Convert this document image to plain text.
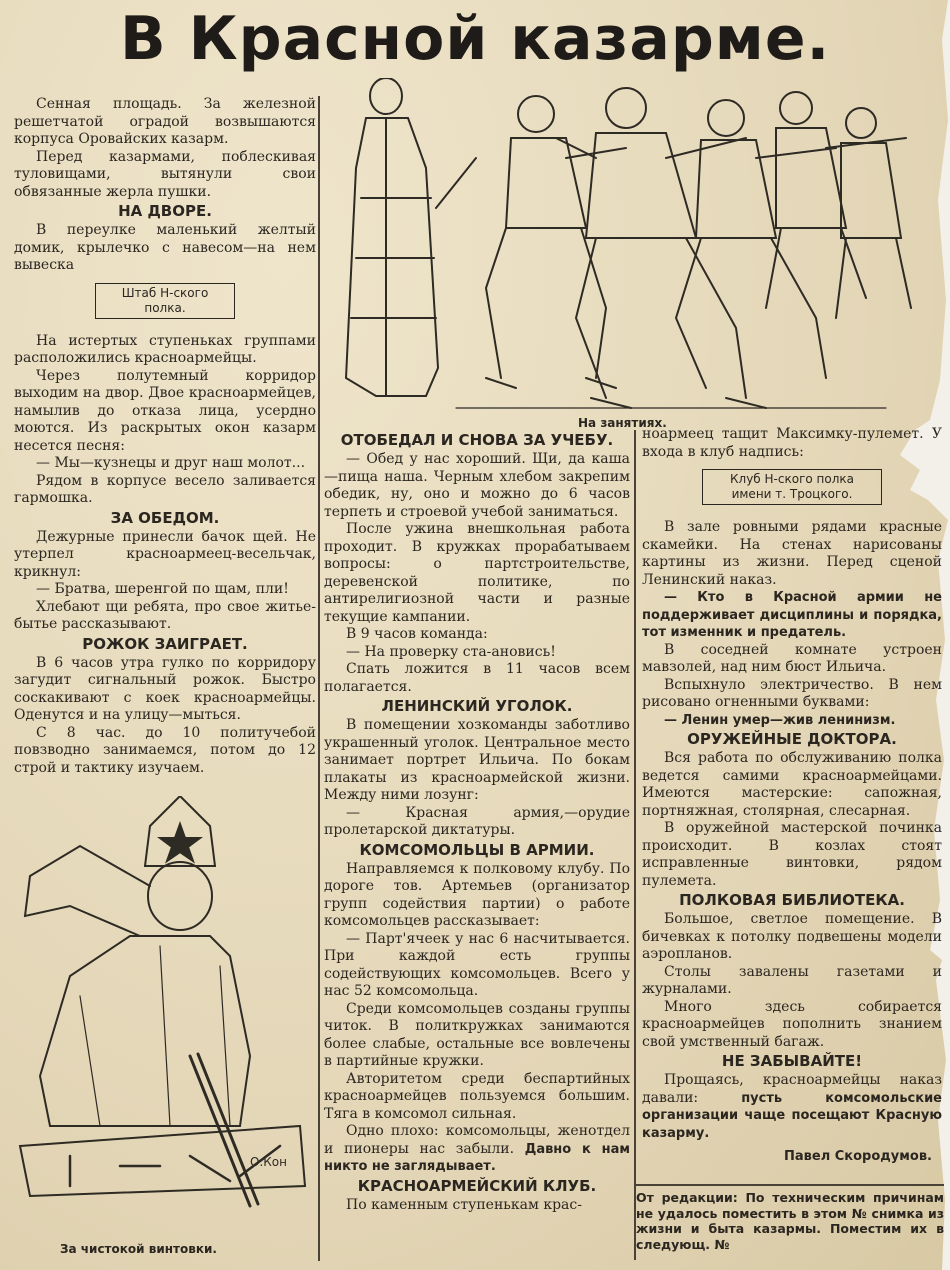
В Красной казарме.
На занятиях.
О.Кон
За чистокой винтовки.

Сенная площадь. За железной решетчатой оградой возвышаются корпуса Оровайских казарм.

Перед казармами, поблескивая туловищами, вытянули свои обвязанные жерла пушки.

НА ДВОРЕ.

В переулке маленький желтый домик, крылечко с навесом—на нем вывеска

Штаб Н-ского
полка.

На истертых ступеньках группами расположились красноармейцы.

Через полутемный корридор выходим на двор. Двое красноармейцев, намылив до отказа лица, усердно моются. Из раскрытых окон казарм несется песня:

— Мы—кузнецы и друг наш молот...

Рядом в корпусе весело заливается гармошка.

ЗА ОБЕДОМ.

Дежурные принесли бачок щей. Не утерпел красноармеец-весельчак, крикнул:

— Братва, шеренгой по щам, пли!

Хлебают щи ребята, про свое житье-бытье рассказывают.

РОЖОК ЗАИГРАЕТ.

В 6 часов утра гулко по корридору загудит сигнальный рожок. Быстро соскакивают с коек красноармейцы. Оденутся и на улицу—мыться.

С 8 час. до 10 политучебой повзводно занимаемся, потом до 12 строй и тактику изучаем.

ОТОБЕДАЛ И СНОВА ЗА УЧЕБУ.

— Обед у нас хороший. Щи, да каша—пища наша. Черным хлебом закрепим обедик, ну, оно и можно до 6 часов терпеть и строевой учебой заниматься.

После ужина внешкольная работа проходит. В кружках прорабатываем вопросы: о партстроительстве, деревенской политике, по антирелигиозной части и разные текущие кампании.

В 9 часов команда:

— На проверку ста-ановись!

Спать ложится в 11 часов всем полагается.

ЛЕНИНСКИЙ УГОЛОК.

В помещении хозкоманды заботливо украшенный уголок. Центральное место занимает портрет Ильича. По бокам плакаты из красноармейской жизни. Между ними лозунг:

— Красная армия,—орудие пролетарской диктатуры.

КОМСОМОЛЬЦЫ В АРМИИ.

Направляемся к полковому клубу. По дороге тов. Артемьев (организатор групп содействия партии) о работе комсомольцев рассказывает:

— Парт'ячеек у нас 6 насчитывается. При каждой есть группы содействующих комсомольцев. Всего у нас 52 комсомольца.

Среди комсомольцев созданы группы читок. В политкружках занимаются более слабые, остальные все вовлечены в партийные кружки.

Авторитетом среди беспартийных красноармейцев пользуемся большим. Тяга в комсомол сильная.

Одно плохо: комсомольцы, женотдел и пионеры нас забыли. Давно к нам никто не заглядывает.

КРАСНОАРМЕЙСКИЙ КЛУБ.

По каменным ступенькам крас-

ноармеец тащит Максимку-пулемет. У входа в клуб надпись:

Клуб Н-ского полка
имени т. Троцкого.

В зале ровными рядами красные скамейки. На стенах нарисованы картины из жизни. Перед сценой Ленинский наказ.

— Кто в Красной армии не поддерживает дисциплины и порядка, тот изменник и предатель.

В соседней комнате устроен мавзолей, над ним бюст Ильича.

Вспыхнуло электричество. В нем рисовано огненными буквами:

— Ленин умер—жив ленинизм.

ОРУЖЕЙНЫЕ ДОКТОРА.

Вся работа по обслуживанию полка ведется самими красноармейцами. Имеются мастерские: сапожная, портняжная, столярная, слесарная.

В оружейной мастерской починка происходит. В козлах стоят исправленные винтовки, рядом пулемета.

ПОЛКОВАЯ БИБЛИОТЕКА.

Большое, светлое помещение. В бичевках к потолку подвешены модели аэропланов.

Столы завалены газетами и журналами.

Много здесь собирается красноармейцев пополнить знанием свой умственный багаж.

НЕ ЗАБЫВАЙТЕ!

Прощаясь, красноармейцы наказ давали:	пусть комсомольские организации чаще посещают Красную казарму.

Павел Скородумов.
От редакции: По техническим причинам не удалось поместить в этом № снимка из жизни и быта казармы. Поместим их в следующ. №
